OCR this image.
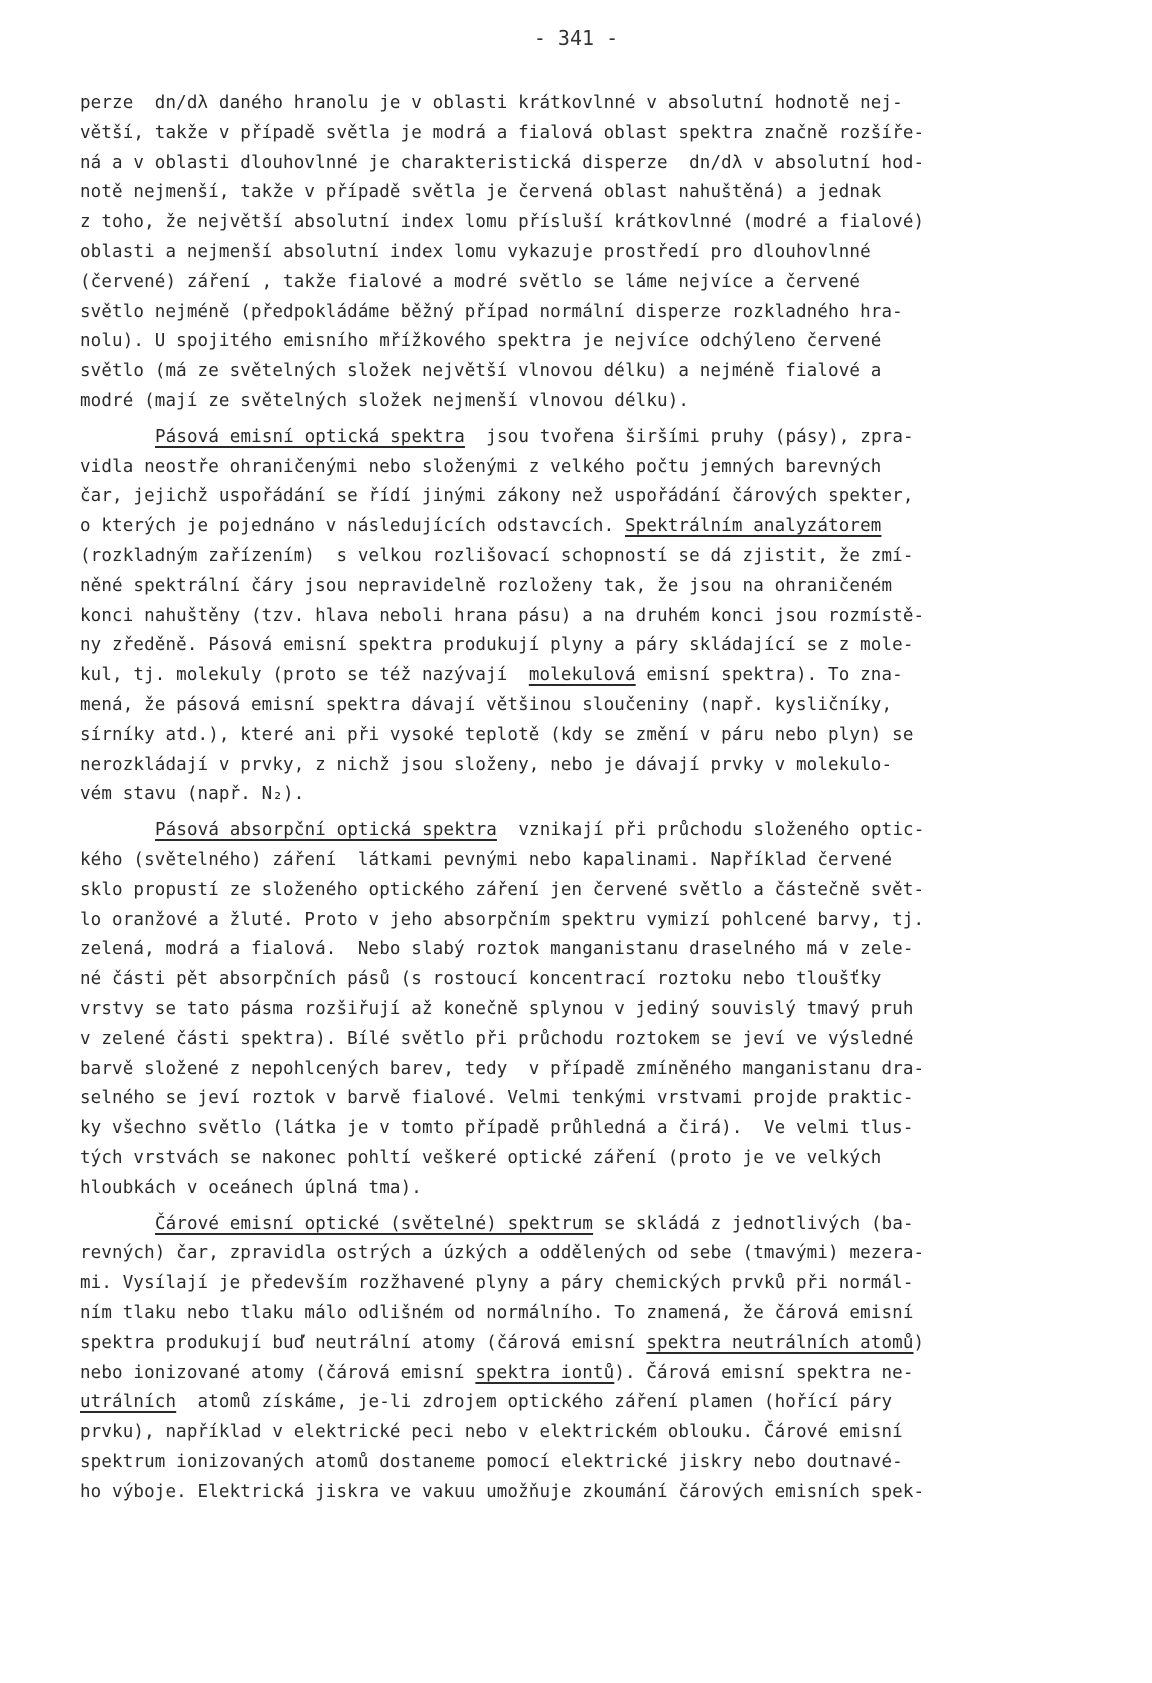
- 341 -
perze  dn/dλ daného hranolu je v oblasti krátkovlnné v absolutní hodnotě nej-
větší, takže v případě světla je modrá a fialová oblast spektra značně rozšíře-
ná a v oblasti dlouhovlnné je charakteristická disperze  dn/dλ v absolutní hod-
notě nejmenší, takže v případě světla je červená oblast nahuštěná) a jednak
z toho, že největší absolutní index lomu přísluší krátkovlnné (modré a fialové)
oblasti a nejmenší absolutní index lomu vykazuje prostředí pro dlouhovlnné
(červené) záření , takže fialové a modré světlo se láme nejvíce a červené
světlo nejméně (předpokládáme běžný případ normální disperze rozkladného hra-
nolu). U spojitého emisního mřížkového spektra je nejvíce odchýleno červené
světlo (má ze světelných složek největší vlnovou délku) a nejméně fialové a
modré (mají ze světelných složek nejmenší vlnovou délku).
Pásová emisní optická spektra  jsou tvořena širšími pruhy (pásy), zpra-
vidla neostře ohraničenými nebo složenými z velkého počtu jemných barevných
čar, jejichž uspořádání se řídí jinými zákony než uspořádání čárových spekter,
o kterých je pojednáno v následujících odstavcích. Spektrálním analyzátorem
(rozkladným zařízením)  s velkou rozlišovací schopností se dá zjistit, že zmí-
něné spektrální čáry jsou nepravidelně rozloženy tak, že jsou na ohraničeném
konci nahuštěny (tzv. hlava neboli hrana pásu) a na druhém konci jsou rozmístě-
ny zředěně. Pásová emisní spektra produkují plyny a páry skládající se z mole-
kul, tj. molekuly (proto se též nazývají  molekulová emisní spektra). To zna-
mená, že pásová emisní spektra dávají většinou sloučeniny (např. kysličníky,
sírníky atd.), které ani při vysoké teplotě (kdy se změní v páru nebo plyn) se
nerozkládají v prvky, z nichž jsou složeny, nebo je dávají prvky v molekulo-
vém stavu (např. N₂).
Pásová absorpční optická spektra  vznikají při průchodu složeného optic-
kého (světelného) záření  látkami pevnými nebo kapalinami. Například červené
sklo propustí ze složeného optického záření jen červené světlo a částečně svět-
lo oranžové a žluté. Proto v jeho absorpčním spektru vymizí pohlcené barvy, tj.
zelená, modrá a fialová.  Nebo slabý roztok manganistanu draselného má v zele-
né části pět absorpčních pásů (s rostoucí koncentrací roztoku nebo tloušťky
vrstvy se tato pásma rozšiřují až konečně splynou v jediný souvislý tmavý pruh
v zelené části spektra). Bílé světlo při průchodu roztokem se jeví ve výsledné
barvě složené z nepohlcených barev, tedy  v případě zmíněného manganistanu dra-
selného se jeví roztok v barvě fialové. Velmi tenkými vrstvami projde praktic-
ky všechno světlo (látka je v tomto případě průhledná a čirá).  Ve velmi tlus-
tých vrstvách se nakonec pohltí veškeré optické záření (proto je ve velkých
hloubkách v oceánech úplná tma).
Čárové emisní optické (světelné) spektrum se skládá z jednotlivých (ba-
revných) čar, zpravidla ostrých a úzkých a oddělených od sebe (tmavými) mezera-
mi. Vysílají je především rozžhavené plyny a páry chemických prvků při normál-
ním tlaku nebo tlaku málo odlišném od normálního. To znamená, že čárová emisní
spektra produkují buď neutrální atomy (čárová emisní spektra neutrálních atomů)
nebo ionizované atomy (čárová emisní spektra iontů). Čárová emisní spektra ne-
utrálních  atomů získáme, je-li zdrojem optického záření plamen (hořící páry
prvku), například v elektrické peci nebo v elektrickém oblouku. Čárové emisní
spektrum ionizovaných atomů dostaneme pomocí elektrické jiskry nebo doutnavé-
ho výboje. Elektrická jiskra ve vakuu umožňuje zkoumání čárových emisních spek-
